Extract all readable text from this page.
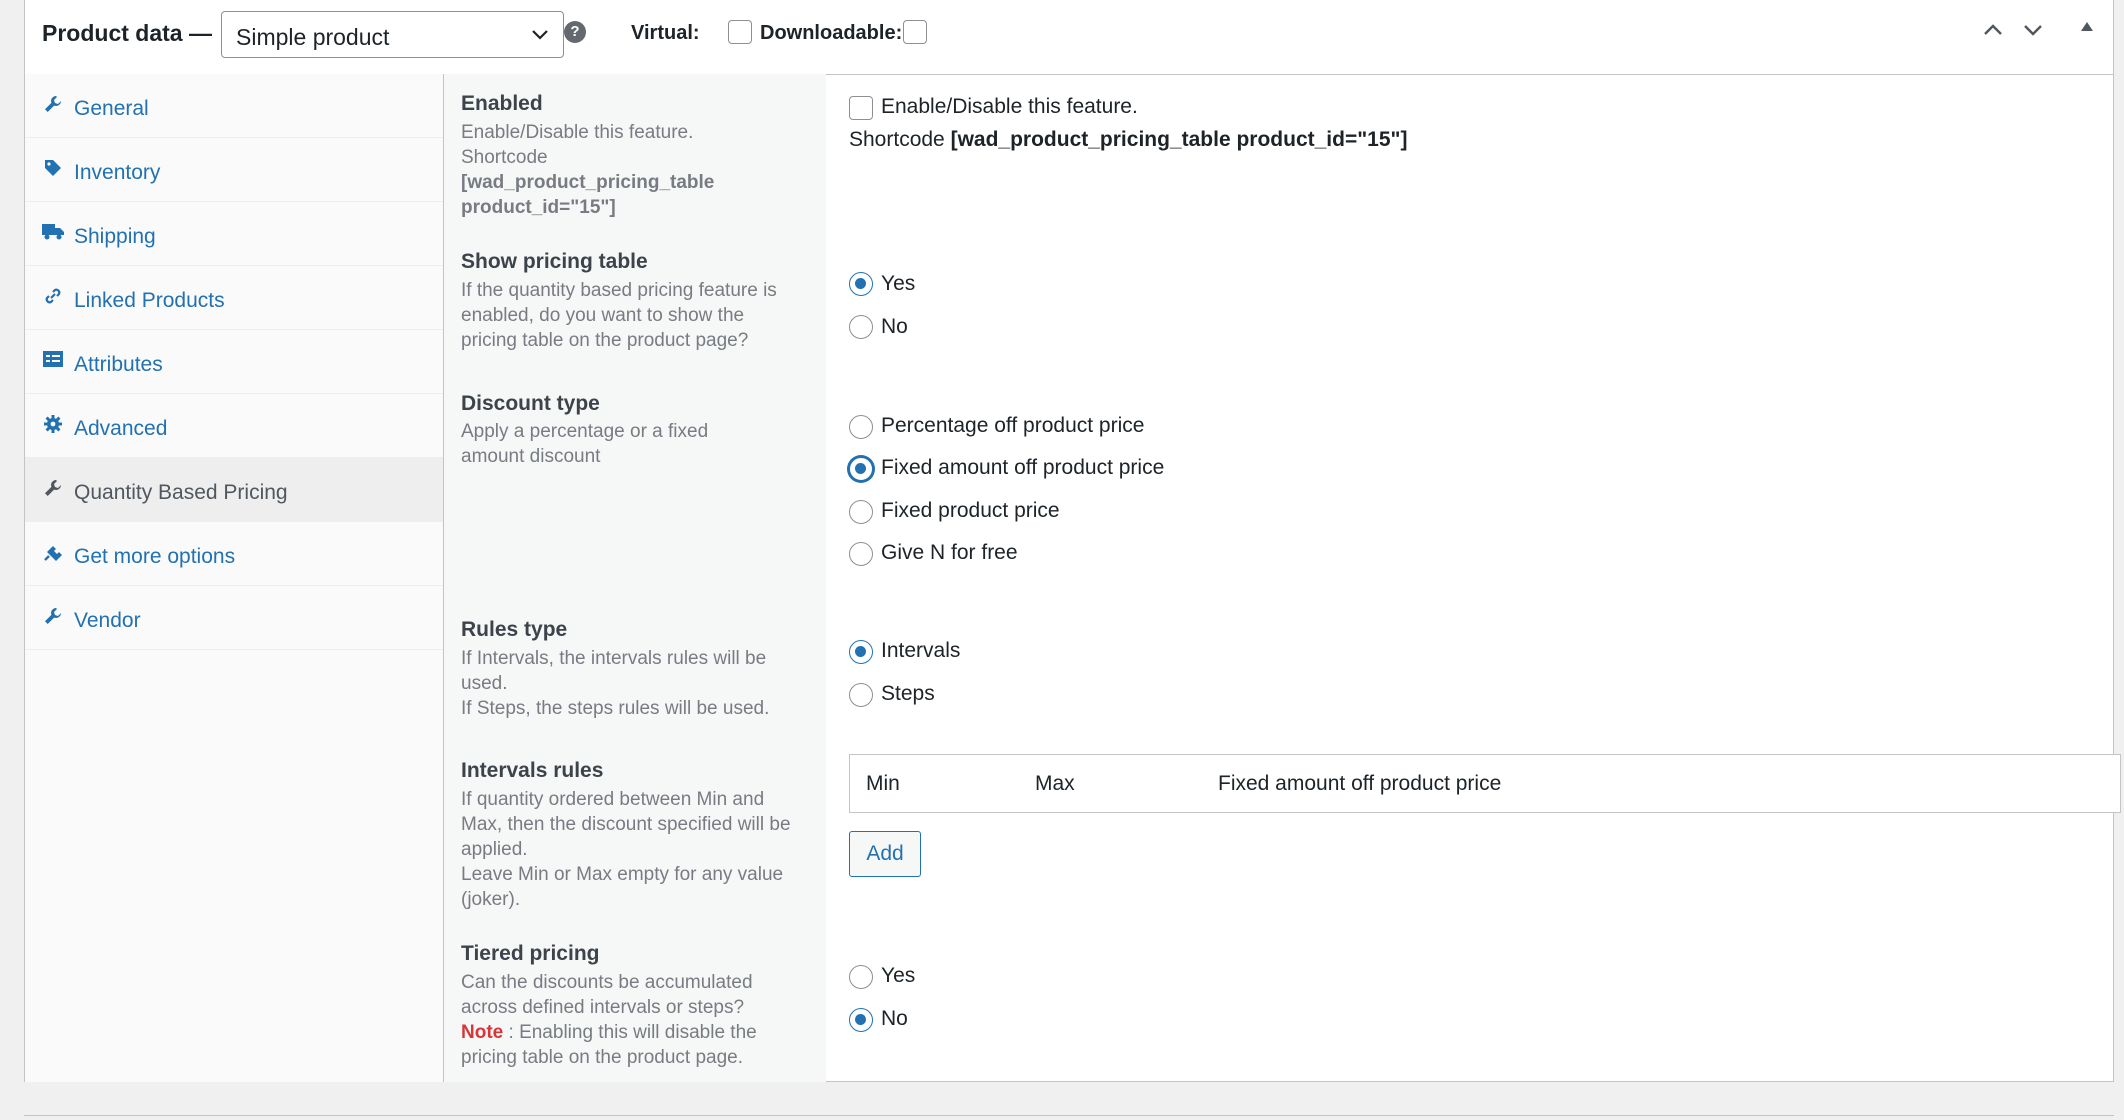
Product data —	Simple product	?	Virtual:	Downloadable:
General
Inventory
Shipping
Linked Products
Attributes
Advanced
Quantity Based Pricing
Get more options
Vendor
Enabled
Enable/Disable this feature.
Shortcode
[wad_product_pricing_table
product_id="15"]
Enable/Disable this feature.
Shortcode [wad_product_pricing_table product_id="15"]
Show pricing table
If the quantity based pricing feature is enabled, do you want to show the pricing table on the product page?
Yes
No
Discount type
Apply a percentage or a fixed amount discount
Percentage off product price
Fixed amount off product price
Fixed product price
Give N for free
Rules type
If Intervals, the intervals rules will be used.
If Steps, the steps rules will be used.
Intervals
Steps
Intervals rules
If quantity ordered between Min and Max, then the discount specified will be applied.
Leave Min or Max empty for any value (joker).
Min	Max	Fixed amount off product price
Add
Tiered pricing
Can the discounts be accumulated across defined intervals or steps?
Note : Enabling this will disable the pricing table on the product page.
Yes
No
